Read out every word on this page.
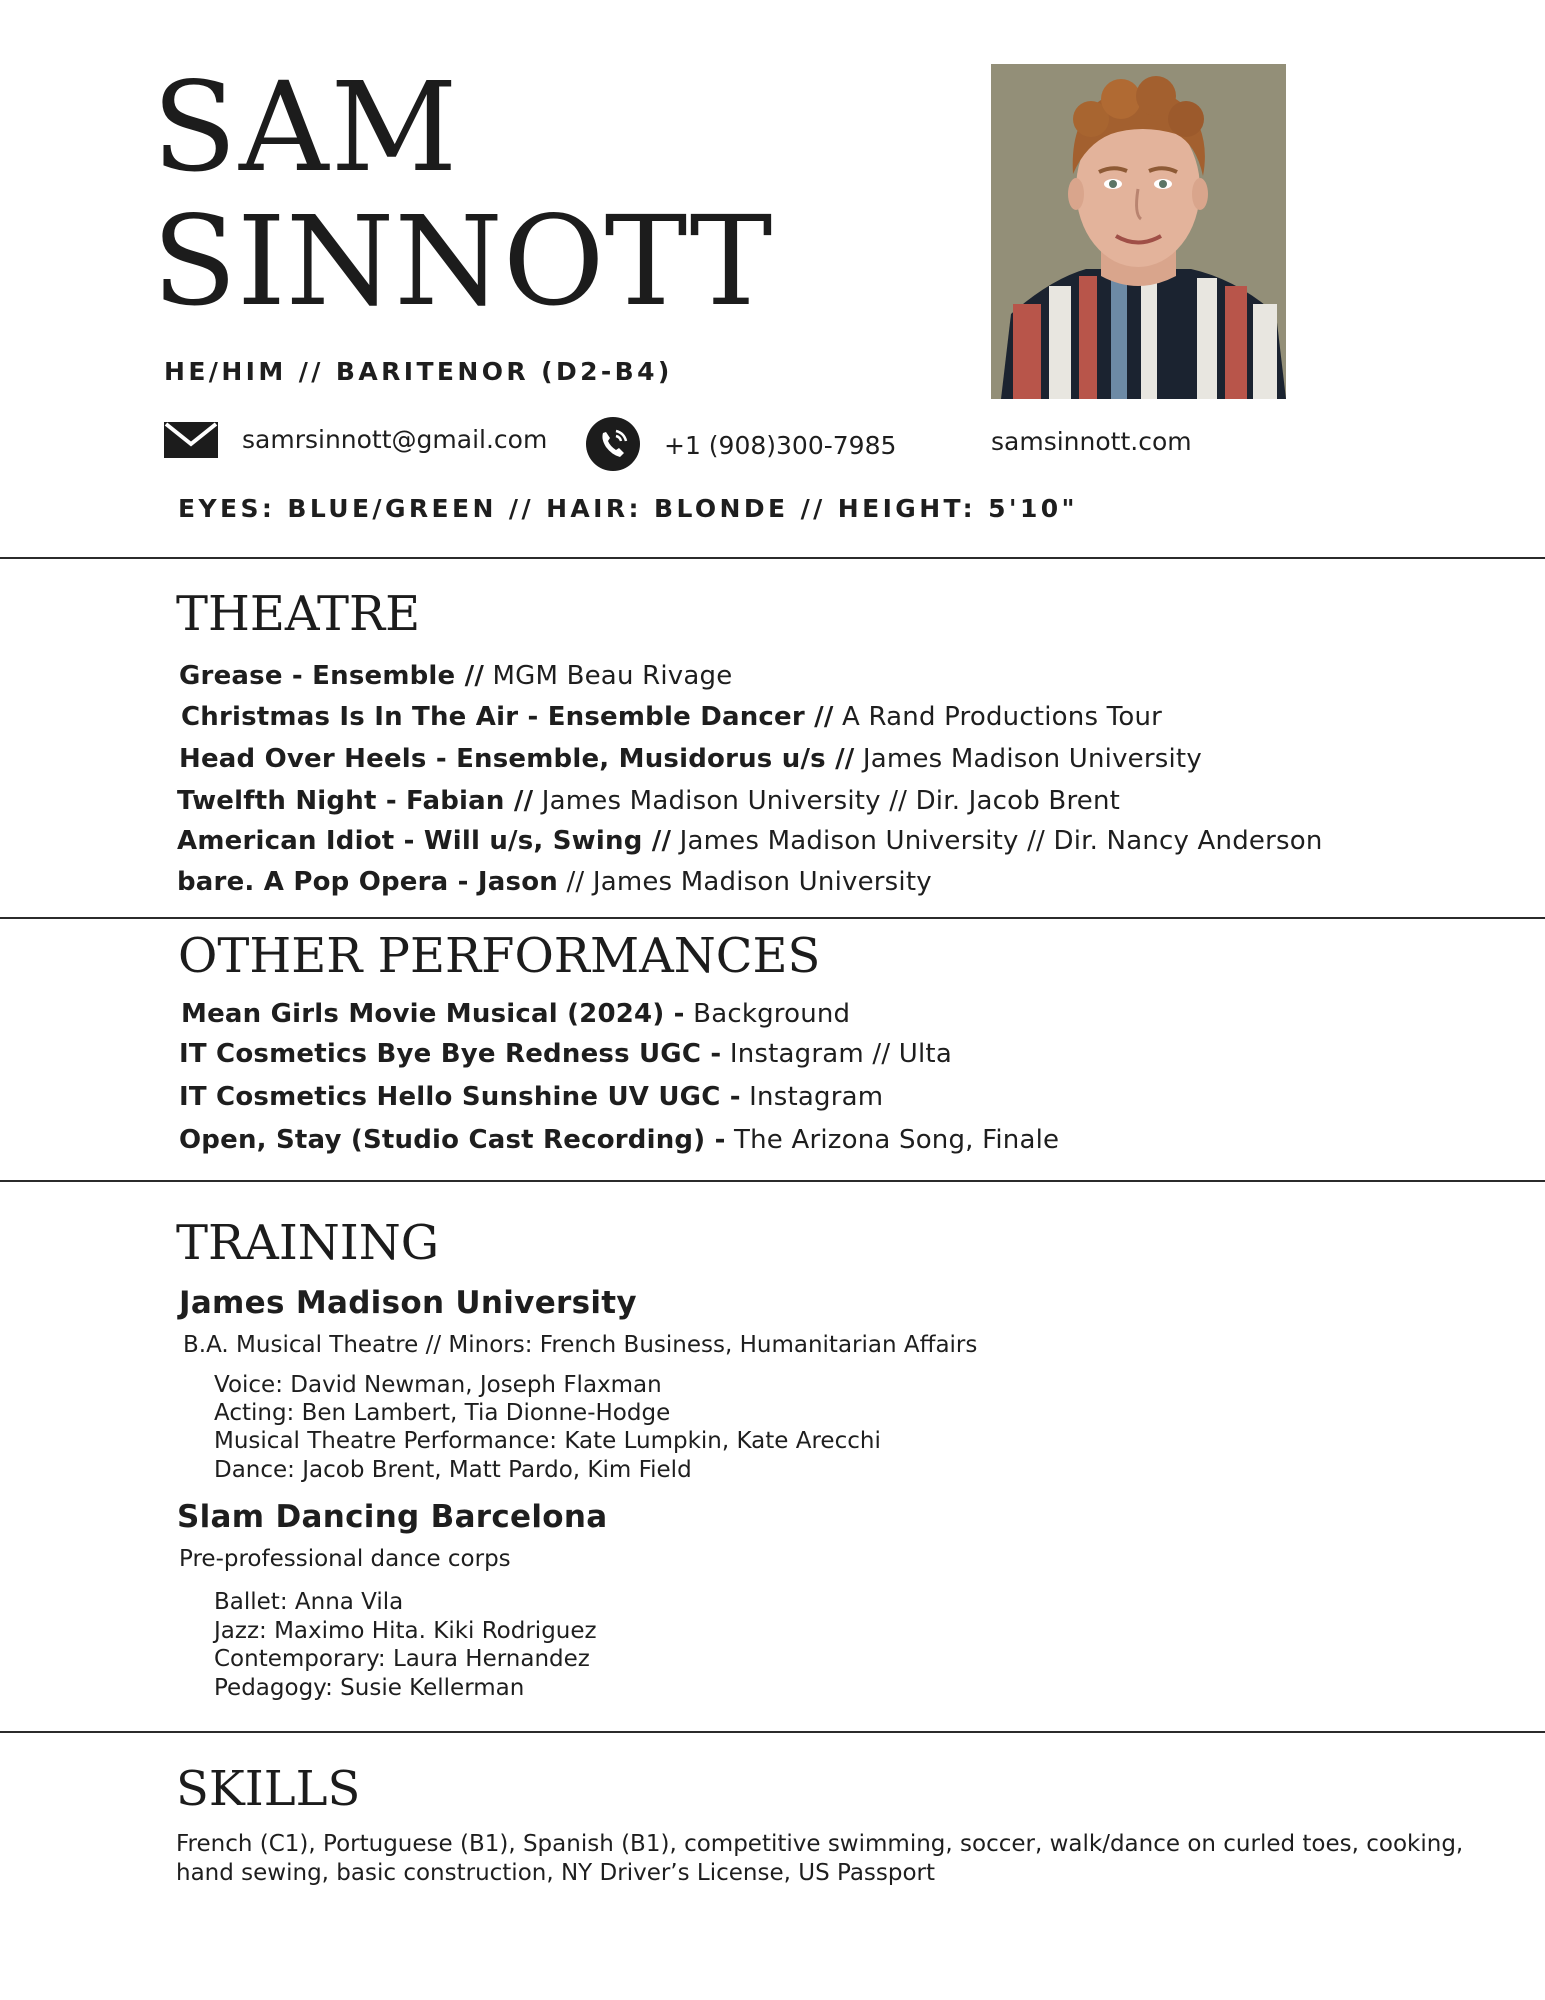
SAM
SINNOTT
HE/HIM // BARITENOR (D2-B4)
samrsinnott@gmail.com	+1 (908)300-7985	samsinnott.com
EYES: BLUE/GREEN // HAIR: BLONDE // HEIGHT: 5'10"
THEATRE
Grease - Ensemble // MGM Beau Rivage
Christmas Is In The Air - Ensemble Dancer // A Rand Productions Tour
Head Over Heels - Ensemble, Musidorus u/s // James Madison University
Twelfth Night - Fabian // James Madison University // Dir. Jacob Brent
American Idiot - Will u/s, Swing // James Madison University // Dir. Nancy Anderson
bare. A Pop Opera - Jason // James Madison University
OTHER PERFORMANCES
Mean Girls Movie Musical (2024) - Background
IT Cosmetics Bye Bye Redness UGC - Instagram // Ulta
IT Cosmetics Hello Sunshine UV UGC - Instagram
Open, Stay (Studio Cast Recording) - The Arizona Song, Finale
TRAINING
James Madison University
B.A. Musical Theatre // Minors: French Business, Humanitarian Affairs
Voice: David Newman, Joseph Flaxman
Acting: Ben Lambert, Tia Dionne-Hodge
Musical Theatre Performance: Kate Lumpkin, Kate Arecchi
Dance: Jacob Brent, Matt Pardo, Kim Field
Slam Dancing Barcelona
Pre-professional dance corps
Ballet: Anna Vila
Jazz: Maximo Hita. Kiki Rodriguez
Contemporary: Laura Hernandez
Pedagogy: Susie Kellerman
SKILLS
French (C1), Portuguese (B1), Spanish (B1), competitive swimming, soccer, walk/dance on curled toes, cooking, hand sewing, basic construction, NY Driver’s License, US Passport
